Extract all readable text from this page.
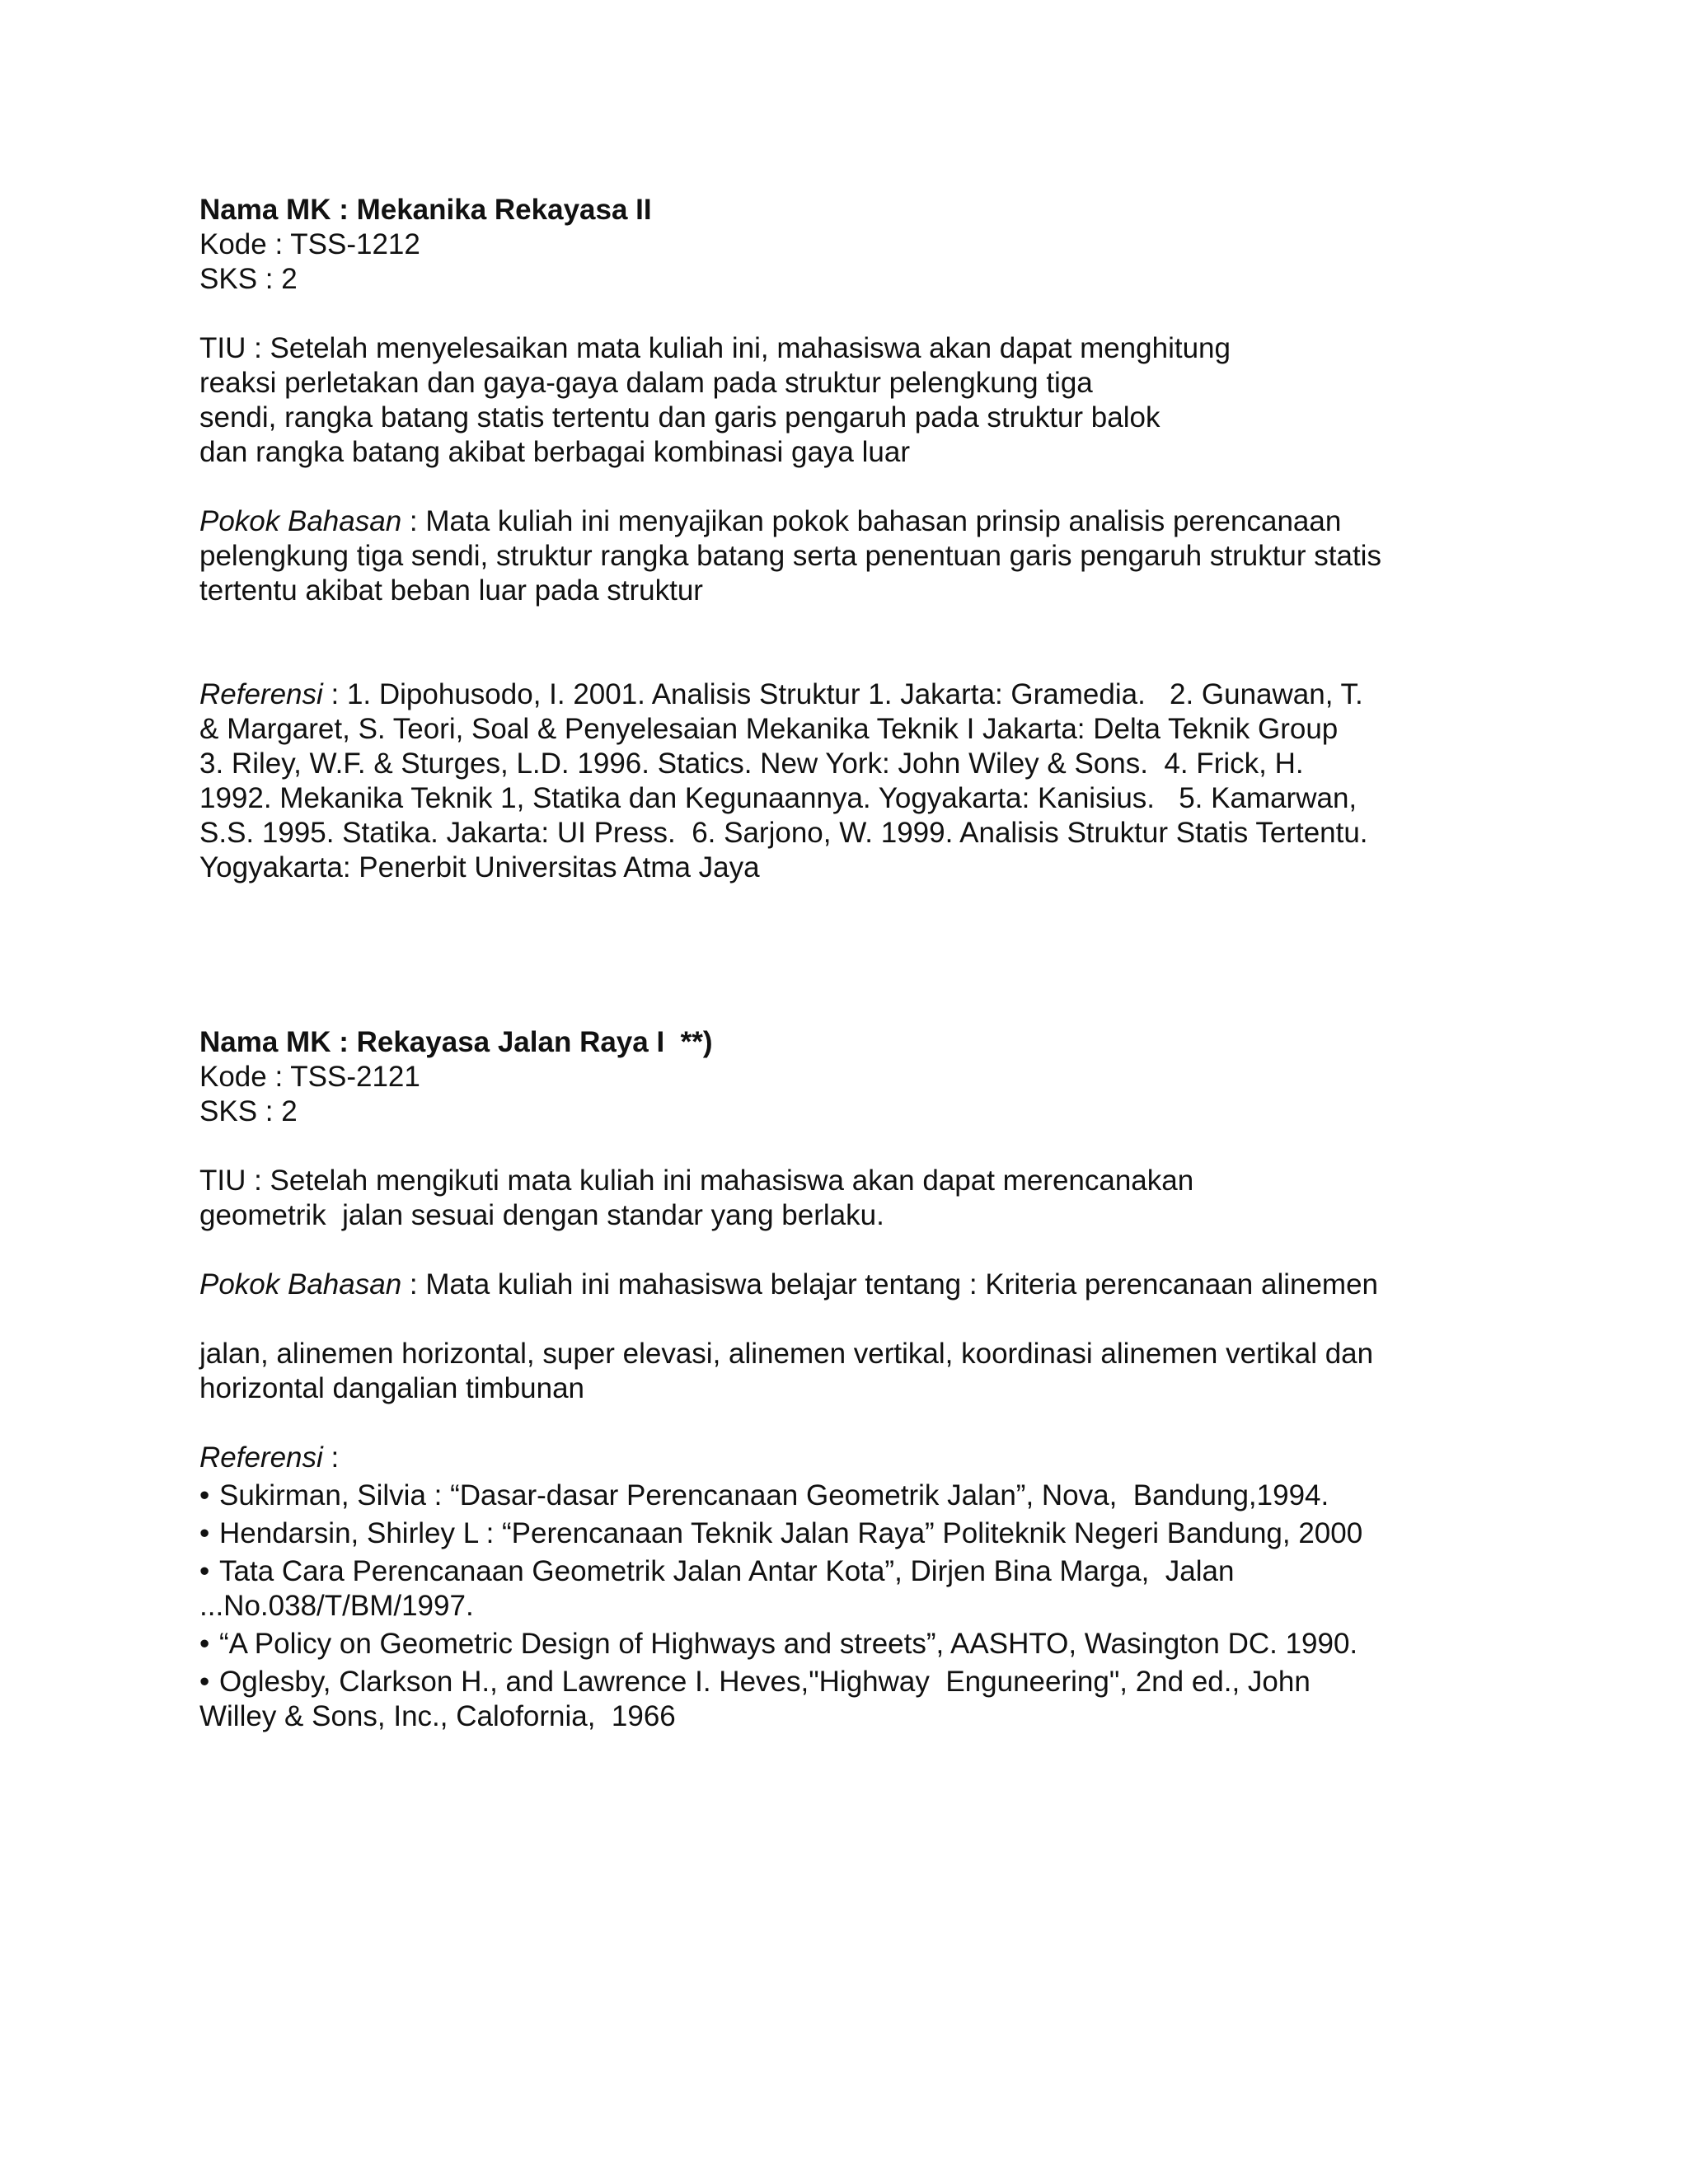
Nama MK : Mekanika Rekayasa II
Kode : TSS-1212
SKS : 2
TIU : Setelah menyelesaikan mata kuliah ini, mahasiswa akan dapat menghitung
reaksi perletakan dan gaya-gaya dalam pada struktur pelengkung tiga
sendi, rangka batang statis tertentu dan garis pengaruh pada struktur balok
dan rangka batang akibat berbagai kombinasi gaya luar
Pokok Bahasan : Mata kuliah ini menyajikan pokok bahasan prinsip analisis perencanaan
pelengkung tiga sendi, struktur rangka batang serta penentuan garis pengaruh struktur statis
tertentu akibat beban luar pada struktur
Referensi : 1. Dipohusodo, I. 2001. Analisis Struktur 1. Jakarta: Gramedia.   2. Gunawan, T.
& Margaret, S. Teori, Soal & Penyelesaian Mekanika Teknik I Jakarta: Delta Teknik Group
3. Riley, W.F. & Sturges, L.D. 1996. Statics. New York: John Wiley & Sons.  4. Frick, H.
1992. Mekanika Teknik 1, Statika dan Kegunaannya. Yogyakarta: Kanisius.   5. Kamarwan,
S.S. 1995. Statika. Jakarta: UI Press.  6. Sarjono, W. 1999. Analisis Struktur Statis Tertentu.
Yogyakarta: Penerbit Universitas Atma Jaya
Nama MK : Rekayasa Jalan Raya I  **)
Kode : TSS-2121
SKS : 2
TIU : Setelah mengikuti mata kuliah ini mahasiswa akan dapat merencanakan
geometrik  jalan sesuai dengan standar yang berlaku.
Pokok Bahasan : Mata kuliah ini mahasiswa belajar tentang : Kriteria perencanaan alinemen
jalan, alinemen horizontal, super elevasi, alinemen vertikal, koordinasi alinemen vertikal dan
horizontal dangalian timbunan
Referensi :
• Sukirman, Silvia : “Dasar-dasar Perencanaan Geometrik Jalan”, Nova,  Bandung,1994.
• Hendarsin, Shirley L : “Perencanaan Teknik Jalan Raya” Politeknik Negeri Bandung, 2000
• Tata Cara Perencanaan Geometrik Jalan Antar Kota”, Dirjen Bina Marga,  Jalan
...No.038/T/BM/1997.
• “A Policy on Geometric Design of Highways and streets”, AASHTO, Wasington DC. 1990.
• Oglesby, Clarkson H., and Lawrence I. Heves,"Highway  Enguneering", 2nd ed., John
Willey & Sons, Inc., Calofornia,  1966
